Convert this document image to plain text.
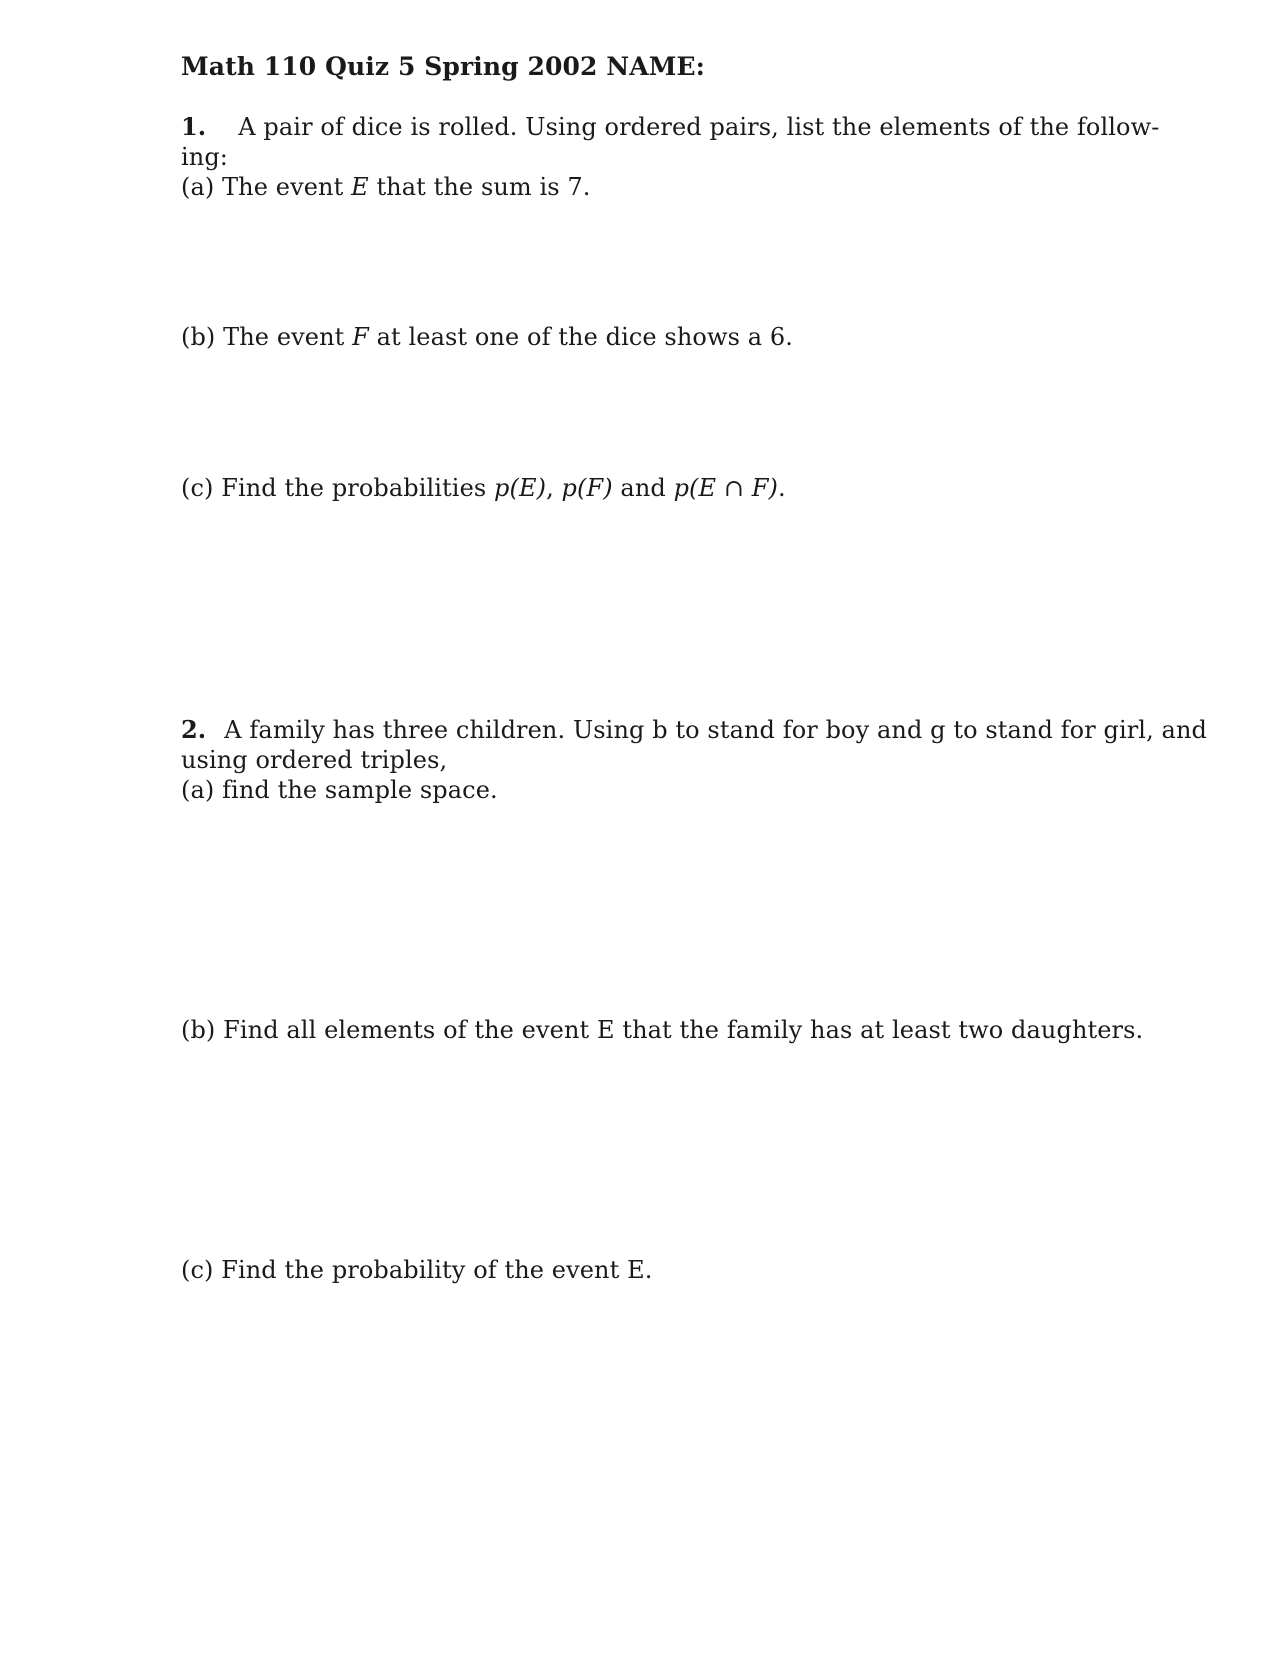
Math 110 Quiz 5 Spring 2002 NAME:
1. A pair of dice is rolled. Using ordered pairs, list the elements of the follow-
ing:
(a) The event E that the sum is 7.
(b) The event F at least one of the dice shows a 6.
(c) Find the probabilities p(E), p(F) and p(E ∩ F).
2. A family has three children. Using b to stand for boy and g to stand for girl, and
using ordered triples,
(a) find the sample space.
(b) Find all elements of the event E that the family has at least two daughters.
(c) Find the probability of the event E.
